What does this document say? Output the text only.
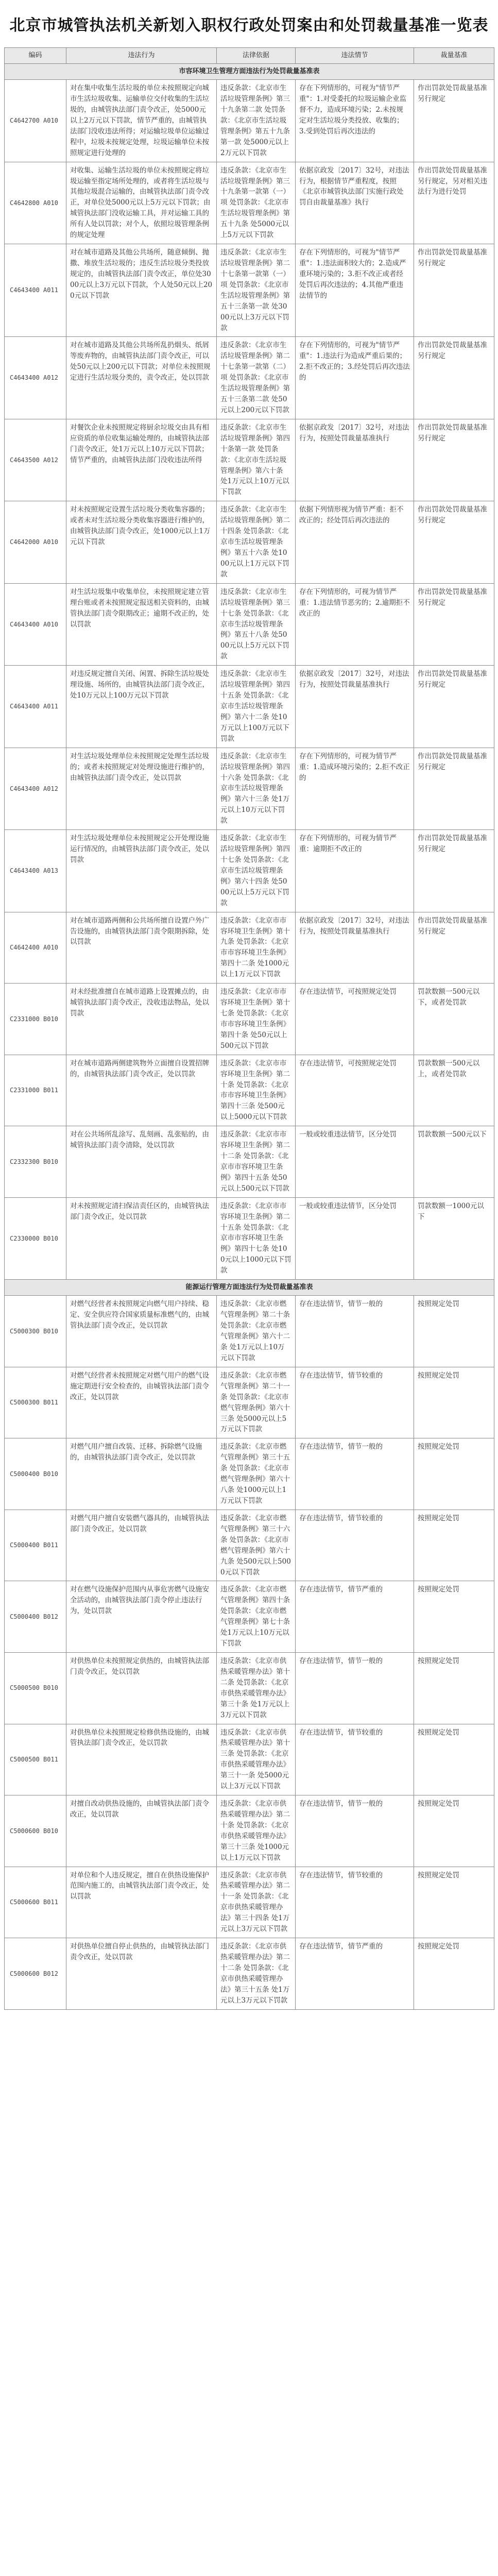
北京市城管执法机关新划入职权行政处罚案由和处罚裁量基准一览表
编码	违法行为	法律依据	违法情节	裁量基准
市容环境卫生管理方面违法行为处罚裁量基准表				
C4642700 A010	对在集中收集生活垃圾的单位未按照规定向城市生活垃圾收集、运输单位交付收集的生活垃圾的，由城管执法部门责令改正，处5000元以上2万元以下罚款，情节严重的，由城管执法部门没收违法所得；对运输垃圾单位运输过程中，垃圾未按规定处理，垃圾运输单位未按照规定进行处理的	违反条款：《北京市生活垃圾管理条例》第三十九条第二款 处罚条款：《北京市生活垃圾管理条例》第五十九条第一款 处5000元以上2万元以下罚款	存在下列情形的，可视为"情节严重"：1.对受委托的垃圾运输企业监督不力，造成环境污染；2.未按规定对生活垃圾分类投放、收集的；3.受到处罚后再次违法的	作出罚款处罚裁量基准另行规定
C4642800 A010	对收集、运输生活垃圾的单位未按照规定将垃圾运输至指定场所处理的，或者将生活垃圾与其他垃圾混合运输的，由城管执法部门责令改正，对单位处5000元以上5万元以下罚款；由城管执法部门没收运输工具，并对运输工具的所有人处以罚款；对个人，依照垃圾管理条例的规定处理	违反条款：《北京市生活垃圾管理条例》第三十九条第一款第（一）项 处罚条款：《北京市生活垃圾管理条例》第五十九条 处5000元以上5万元以下罚款	依据京政发〔2017〕32号，对违法行为，根据情节严重程度，按照《北京市城管执法部门实施行政处罚自由裁量基准》执行	作出罚款处罚裁量基准另行规定，另对相关违法行为进行处罚
C4643400 A011	对在城市道路及其他公共场所，随意倾倒、抛撒、堆放生活垃圾的；违反生活垃圾分类投放规定的，由城管执法部门责令改正，单位处3000元以上3万元以下罚款，个人处50元以上200元以下罚款	违反条款：《北京市生活垃圾管理条例》第二十七条第一款第（一）项 处罚条款：《北京市生活垃圾管理条例》第五十三条第一款 处3000元以上3万元以下罚款	存在下列情形的，可视为"情节严重"：1.违法面积较大的；2.造成严重环境污染的；3.拒不改正或者经处罚后再次违法的；4.其他严重违法情节的	作出罚款处罚裁量基准另行规定
C4643400 A012	对在城市道路及其他公共场所乱扔烟头、纸屑等废弃物的，由城管执法部门责令改正，可以处50元以上200元以下罚款；对单位未按照规定进行生活垃圾分类的，责令改正，处以罚款	违反条款：《北京市生活垃圾管理条例》第二十七条第一款第（二）项 处罚条款：《北京市生活垃圾管理条例》第五十三条第二款 处50元以上200元以下罚款	存在下列情形的，可视为"情节严重"：1.违法行为造成严重后果的；2.拒不改正的；3.经处罚后再次违法的	作出罚款处罚裁量基准另行规定
C4643500 A012	对餐饮企业未按照规定将厨余垃圾交由具有相应资质的单位收集运输处理的，由城管执法部门责令改正，处1万元以上10万元以下罚款；情节严重的，由城管执法部门没收违法所得	违反条款：《北京市生活垃圾管理条例》第四十条第一款 处罚条款：《北京市生活垃圾管理条例》第六十条 处1万元以上10万元以下罚款	依据京政发〔2017〕32号，对违法行为，按照处罚裁量基准执行	作出罚款处罚裁量基准另行规定
C4642000 A010	对未按照规定设置生活垃圾分类收集容器的；或者未对生活垃圾分类收集容器进行维护的，由城管执法部门责令改正，处1000元以上1万元以下罚款	违反条款：《北京市生活垃圾管理条例》第二十四条 处罚条款：《北京市生活垃圾管理条例》第五十六条 处1000元以上1万元以下罚款	依据下列情形视为情节严重：拒不改正的；经处罚后再次违法的	作出罚款处罚裁量基准另行规定
C4643400 A010	对生活垃圾集中收集单位，未按照规定建立管理台账或者未按照规定报送相关资料的，由城管执法部门责令限期改正；逾期不改正的，处以罚款	违反条款：《北京市生活垃圾管理条例》第三十七条 处罚条款：《北京市生活垃圾管理条例》第五十八条 处5000元以上5万元以下罚款	存在下列情形的，可视为情节严重：1.违法情节恶劣的；2.逾期拒不改正的	作出罚款处罚裁量基准另行规定
C4643400 A011	对违反规定擅自关闭、闲置、拆除生活垃圾处理设施、场所的，由城管执法部门责令改正，处10万元以上100万元以下罚款	违反条款：《北京市生活垃圾管理条例》第四十五条 处罚条款：《北京市生活垃圾管理条例》第六十二条 处10万元以上100万元以下罚款	依据京政发〔2017〕32号，对违法行为，按照处罚裁量基准执行	作出罚款处罚裁量基准另行规定
C4643400 A012	对生活垃圾处理单位未按照规定处理生活垃圾的；或者未按照规定对处理设施进行维护的，由城管执法部门责令改正，处以罚款	违反条款：《北京市生活垃圾管理条例》第四十六条 处罚条款：《北京市生活垃圾管理条例》第六十三条 处1万元以上10万元以下罚款	存在下列情形的，可视为情节严重：1.造成环境污染的；2.拒不改正的	作出罚款处罚裁量基准另行规定
C4643400 A013	对生活垃圾处理单位未按照规定公开处理设施运行情况的，由城管执法部门责令改正，处以罚款	违反条款：《北京市生活垃圾管理条例》第四十七条 处罚条款：《北京市生活垃圾管理条例》第六十四条 处5000元以上5万元以下罚款	存在下列情形的，可视为情节严重：逾期拒不改正的	作出罚款处罚裁量基准另行规定
C4642400 A010	对在城市道路两侧和公共场所擅自设置户外广告设施的，由城管执法部门责令限期拆除，处以罚款	违反条款：《北京市市容环境卫生条例》第十九条 处罚条款：《北京市市容环境卫生条例》第四十二条 处1000元以上1万元以下罚款	依据京政发〔2017〕32号，对违法行为，按照处罚裁量基准执行	作出罚款处罚裁量基准另行规定
C2331000 B010	对未经批准擅自在城市道路上设置摊点的，由城管执法部门责令改正，没收违法物品，处以罚款	违反条款：《北京市市容环境卫生条例》第十七条 处罚条款：《北京市市容环境卫生条例》第四十条 处50元以上500元以下罚款	存在违法情节，可按照规定处罚	罚款数额一500元以下，或者处罚款
C2331000 B011	对在城市道路两侧建筑物外立面擅自设置招牌的，由城管执法部门责令改正，处以罚款	违反条款：《北京市市容环境卫生条例》第二十条 处罚条款：《北京市市容环境卫生条例》第四十三条 处500元以上5000元以下罚款	存在违法情节，可按照规定处罚	罚款数额一500元以上，或者处罚款
C2332300 B010	对在公共场所乱涂写、乱刻画、乱张贴的，由城管执法部门责令清除，处以罚款	违反条款：《北京市市容环境卫生条例》第二十二条 处罚条款：《北京市市容环境卫生条例》第四十五条 处50元以上500元以下罚款	一般或较重违法情节，区分处罚	罚款数额一500元以下
C2330000 B010	对未按照规定清扫保洁责任区的，由城管执法部门责令改正，处以罚款	违反条款：《北京市市容环境卫生条例》第二十五条 处罚条款：《北京市市容环境卫生条例》第四十七条 处100元以上1000元以下罚款	一般或较重违法情节，区分处罚	罚款数额一1000元以下
能源运行管理方面违法行为处罚裁量基准表				
C5000300 B010	对燃气经营者未按照规定向燃气用户持续、稳定、安全供应符合国家质量标准燃气的，由城管执法部门责令改正，处以罚款	违反条款：《北京市燃气管理条例》第二十条 处罚条款：《北京市燃气管理条例》第六十二条 处1万元以上10万元以下罚款	存在违法情节，情节一般的	按照规定处罚
C5000300 B011	对燃气经营者未按照规定对燃气用户的燃气设施定期进行安全检查的，由城管执法部门责令改正，处以罚款	违反条款：《北京市燃气管理条例》第二十一条 处罚条款：《北京市燃气管理条例》第六十三条 处5000元以上5万元以下罚款	存在违法情节，情节较重的	按照规定处罚
C5000400 B010	对燃气用户擅自改装、迁移、拆除燃气设施的，由城管执法部门责令改正，处以罚款	违反条款：《北京市燃气管理条例》第三十五条 处罚条款：《北京市燃气管理条例》第六十八条 处1000元以上1万元以下罚款	存在违法情节，情节一般的	按照规定处罚
C5000400 B011	对燃气用户擅自安装燃气器具的，由城管执法部门责令改正，处以罚款	违反条款：《北京市燃气管理条例》第三十六条 处罚条款：《北京市燃气管理条例》第六十九条 处500元以上5000元以下罚款	存在违法情节，情节较重的	按照规定处罚
C5000400 B012	对在燃气设施保护范围内从事危害燃气设施安全活动的，由城管执法部门责令停止违法行为，处以罚款	违反条款：《北京市燃气管理条例》第四十条 处罚条款：《北京市燃气管理条例》第七十条 处1万元以上10万元以下罚款	存在违法情节，情节严重的	按照规定处罚
C5000500 B010	对供热单位未按照规定供热的，由城管执法部门责令改正，处以罚款	违反条款：《北京市供热采暖管理办法》第十二条 处罚条款：《北京市供热采暖管理办法》第三十条 处1万元以上3万元以下罚款	存在违法情节，情节一般的	按照规定处罚
C5000500 B011	对供热单位未按照规定检修供热设施的，由城管执法部门责令改正，处以罚款	违反条款：《北京市供热采暖管理办法》第十三条 处罚条款：《北京市供热采暖管理办法》第三十一条 处5000元以上3万元以下罚款	存在违法情节，情节较重的	按照规定处罚
C5000600 B010	对擅自改动供热设施的，由城管执法部门责令改正，处以罚款	违反条款：《北京市供热采暖管理办法》第二十条 处罚条款：《北京市供热采暖管理办法》第三十三条 处1000元以上1万元以下罚款	存在违法情节，情节一般的	按照规定处罚
C5000600 B011	对单位和个人违反规定，擅自在供热设施保护范围内施工的，由城管执法部门责令改正，处以罚款	违反条款：《北京市供热采暖管理办法》第二十一条 处罚条款：《北京市供热采暖管理办法》第三十四条 处1万元以上3万元以下罚款	存在违法情节，情节较重的	按照规定处罚
C5000600 B012	对供热单位擅自停止供热的，由城管执法部门责令改正，处以罚款	违反条款：《北京市供热采暖管理办法》第二十二条 处罚条款：《北京市供热采暖管理办法》第三十五条 处1万元以上3万元以下罚款	存在违法情节，情节严重的	按照规定处罚
